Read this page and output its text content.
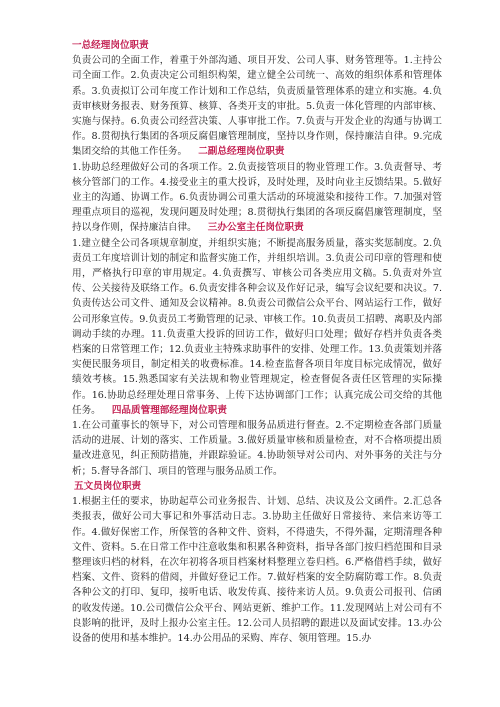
一总经理岗位职责
负责公司的全面工作，着重于外部沟通、项目开发、公司人事、财务管理等。1.主持公司全面工作。2.负责决定公司组织构架，建立健全公司统一、高效的组织体系和管理体系。3.负责拟订公司年度工作计划和工作总结，负责质量管理体系的建立和实施。4.负责审核财务报表、财务预算、核算、各类开支的审批。5.负责一体化管理的内部审核、实施与保持。6.负责公司经营决策、人事审批工作。7.负责与开发企业的沟通与协调工作。8.贯彻执行集团的各项反腐倡廉管理制度，坚持以身作则，保持廉洁自律。9.完成集团交给的其他工作任务。 二副总经理岗位职责
1.协助总经理做好公司的各项工作。2.负责接管项目的物业管理工作。3.负责督导、考核分管部门的工作。4.接受业主的重大投诉，及时处理，及时向业主反馈结果。5.做好业主的沟通、协调工作。6.负责协调公司重大活动的环境滋染和接待工作。7.加强对管理重点项目的巡视，发现问题及时处理；8.贯彻执行集团的各项反腐倡廉管理制度，坚持以身作则，保持廉洁自律。 三办公室主任岗位职责
1.建立健全公司各项规章制度，并组织实施；不断提高服务质量，落实奖惩制度。2.负责员工年度培训计划的制定和监督实施工作，并组织培训。3.负责公司印章的管理和使用，严格执行印章的审用规定。4.负责撰写、审核公司各类应用文稿。5.负责对外宣传、公关接待及联络工作。6.负责安排各种会议及作好记录，编写会议纪要和决议。7.负责传达公司文件、通知及会议精神。8.负责公司微信公众平台、网站运行工作，做好公司形象宣传。9.负责员工考勤管理的记录、审核工作。10.负责员工招聘、离职及内部调动手续的办理。11.负责重大投诉的回访工作，做好归口处理；做好存档并负责各类档案的日常管理工作；12.负责业主特殊求助事件的安排、处理工作。13.负责策划并落实便民服务项目，制定相关的收费标准。14.检查监督各项目年度目标完成情况，做好绩效考核。15.熟悉国家有关法规和物业管理规定，检查督促各责任区管理的实际操作。16.协助总经理处理日常事务、上传下达协调部门工作；认真完成公司交给的其他任务。 四品质管理部经理岗位职责
1.在公司董事长的领导下，对公司管理和服务品质进行督查。2.不定期检查各部门质量活动的进展、计划的落实、工作质量。3.做好质量审核和质量检查，对不合格项提出质量改进意见，纠正预防措施，并跟踪验证。4.协助领导对公司内、对外事务的关注与分析；5.督导各部门、项目的管理与服务品质工作。
五文员岗位职责
1.根据主任的要求，协助起草公司业务报告、计划、总结、决议及公文函件。2.汇总各类报表，做好公司大事记和外事活动日志。3.协助主任做好日常接待、来信来访等工作。4.做好保密工作，所保管的各种文件、资料，不得遗失，不得外漏，定期清理各种文件、资料。5.在日常工作中注意收集和积累各种资料，指导各部门按归档范围和目录整理该归档的材料，在次年初将各项目档案材料整理立卷归档。6.严格借档手续，做好档案、文件、资料的借阅，并做好登记工作。7.做好档案的安全防腐防霉工作。8.负责各种公文的打印、复印，接听电话、收发传真、接待来访人员。9.负责公司报刊、信函的收发传递。10.公司微信公众平台、网站更新、维护工作。11.发现网站上对公司有不良影响的批评，及时上报办公室主任。12.公司人员招聘的跟进以及面试安排。13.办公设备的使用和基本维护。14.办公用品的采购、库存、领用管理。15.办
